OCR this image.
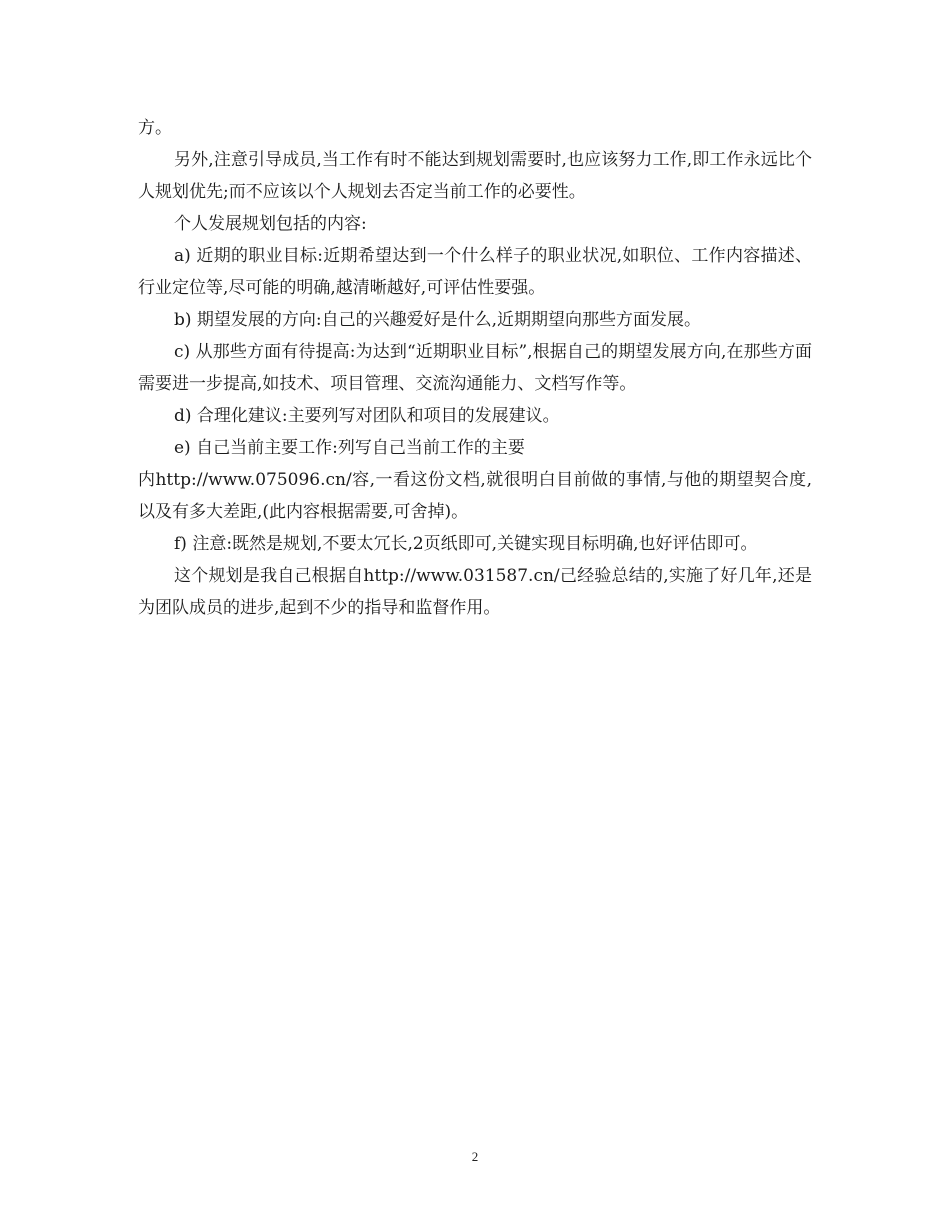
方。

另外,注意引导成员,当工作有时不能达到规划需要时,也应该努力工作,即工作永远比个人规划优先;而不应该以个人规划去否定当前工作的必要性。

个人发展规划包括的内容:

a) 近期的职业目标:近期希望达到一个什么样子的职业状况,如职位、工作内容描述、行业定位等,尽可能的明确,越清晰越好,可评估性要强。

b) 期望发展的方向:自己的兴趣爱好是什么,近期期望向那些方面发展。

c) 从那些方面有待提高:为达到“近期职业目标”,根据自己的期望发展方向,在那些方面需要进一步提高,如技术、项目管理、交流沟通能力、文档写作等。

d) 合理化建议:主要列写对团队和项目的发展建议。

e) 自己当前主要工作:列写自己当前工作的主要

内http://www.075096.cn/容,一看这份文档,就很明白目前做的事情,与他的期望契合度,以及有多大差距,(此内容根据需要,可舍掉)。

f) 注意:既然是规划,不要太冗长,2页纸即可,关键实现目标明确,也好评估即可。

这个规划是我自己根据自http://www.031587.cn/己经验总结的,实施了好几年,还是为团队成员的进步,起到不少的指导和监督作用。

2
